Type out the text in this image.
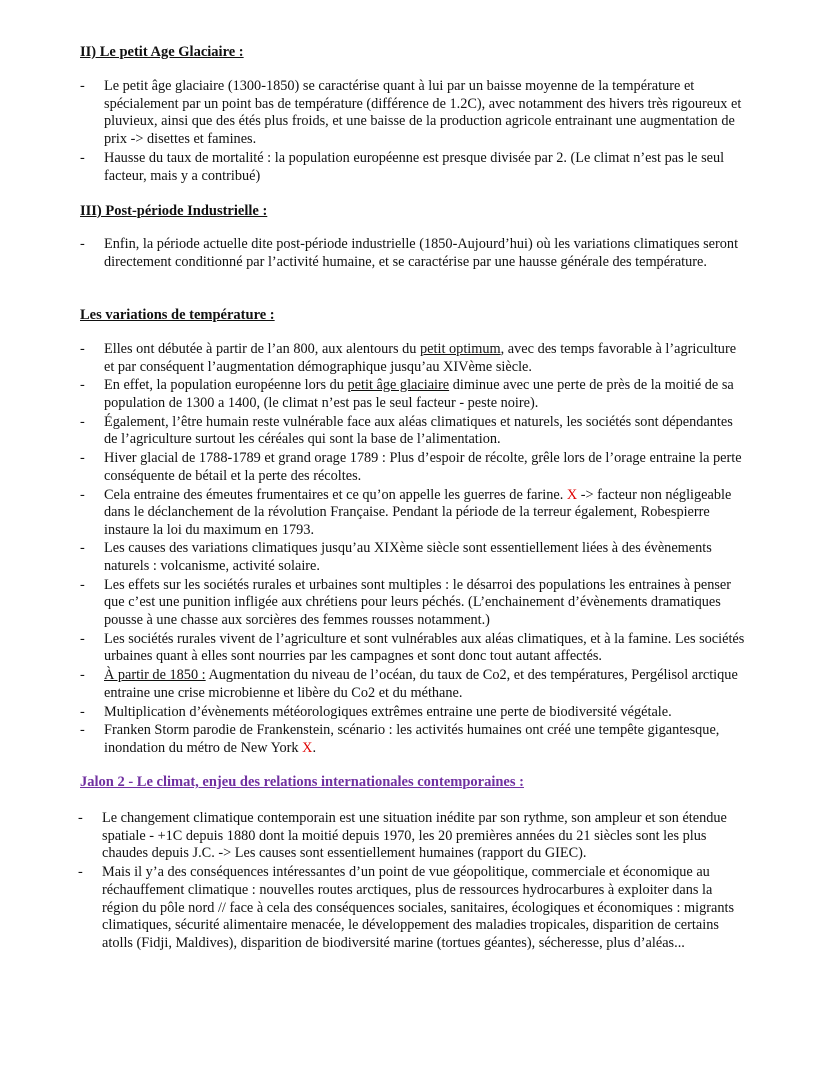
II) Le petit Age Glaciaire :
- Le petit âge glaciaire (1300-1850) se caractérise quant à lui par un baisse moyenne de la température et spécialement par un point bas de température (différence de 1.2C), avec notamment des hivers très rigoureux et pluvieux, ainsi que des étés plus froids, et une baisse de la production agricole entrainant une augmentation de prix -> disettes et famines.
- Hausse du taux de mortalité : la population européenne est presque divisée par 2. (Le climat n’est pas le seul facteur, mais y a contribué)
III) Post-période Industrielle :
- Enfin, la période actuelle dite post-période industrielle (1850-Aujourd’hui) où les variations climatiques seront directement conditionné par l’activité humaine, et se caractérise par une hausse générale des température.
Les variations de température :
- Elles ont débutée à partir de l’an 800, aux alentours du petit optimum, avec des temps favorable à l’agriculture et par conséquent l’augmentation démographique jusqu’au XIVème siècle.
- En effet, la population européenne lors du petit âge glaciaire diminue avec une perte de près de la moitié de sa population de 1300 a 1400, (le climat n’est pas le seul facteur - peste noire).
- Également, l’être humain reste vulnérable face aux aléas climatiques et naturels, les sociétés sont dépendantes de l’agriculture surtout les céréales qui sont la base de l’alimentation.
- Hiver glacial de 1788-1789 et grand orage 1789 : Plus d’espoir de récolte, grêle lors de l’orage entraine la perte conséquente de bétail et la perte des récoltes.
- Cela entraine des émeutes frumentaires et ce qu’on appelle les guerres de farine. X -> facteur non négligeable dans le déclanchement de la révolution Française. Pendant la période de la terreur également, Robespierre instaure la loi du maximum en 1793.
- Les causes des variations climatiques jusqu’au XIXème siècle sont essentiellement liées à des évènements naturels : volcanisme, activité solaire.
- Les effets sur les sociétés rurales et urbaines sont multiples : le désarroi des populations les entraines à penser que c’est une punition infligée aux chrétiens pour leurs péchés. (L’enchainement d’évènements dramatiques pousse à une chasse aux sorcières des femmes rousses notamment.)
- Les sociétés rurales vivent de l’agriculture et sont vulnérables aux aléas climatiques, et à la famine. Les sociétés urbaines quant à elles sont nourries par les campagnes et sont donc tout autant affectés.
- À partir de 1850 : Augmentation du niveau de l’océan, du taux de Co2, et des températures, Pergélisol arctique entraine une crise microbienne et libère du Co2 et du méthane.
- Multiplication d’évènements météorologiques extrêmes entraine une perte de biodiversité végétale.
- Franken Storm parodie de Frankenstein, scénario : les activités humaines ont créé une tempête gigantesque, inondation du métro de New York X.
Jalon 2 - Le climat, enjeu des relations internationales contemporaines :
- Le changement climatique contemporain est une situation inédite par son rythme, son ampleur et son étendue spatiale - +1C depuis 1880 dont la moitié depuis 1970, les 20 premières années du 21 siècles sont les plus chaudes depuis J.C. -> Les causes sont essentiellement humaines (rapport du GIEC).
- Mais il y’a des conséquences intéressantes d’un point de vue géopolitique, commerciale et économique au réchauffement climatique : nouvelles routes arctiques, plus de ressources hydrocarbures à exploiter dans la région du pôle nord // face à cela des conséquences sociales, sanitaires, écologiques et économiques : migrants climatiques, sécurité alimentaire menacée, le développement des maladies tropicales, disparition de certains atolls (Fidji, Maldives), disparition de biodiversité marine (tortues géantes), sécheresse, plus d’aléas...
